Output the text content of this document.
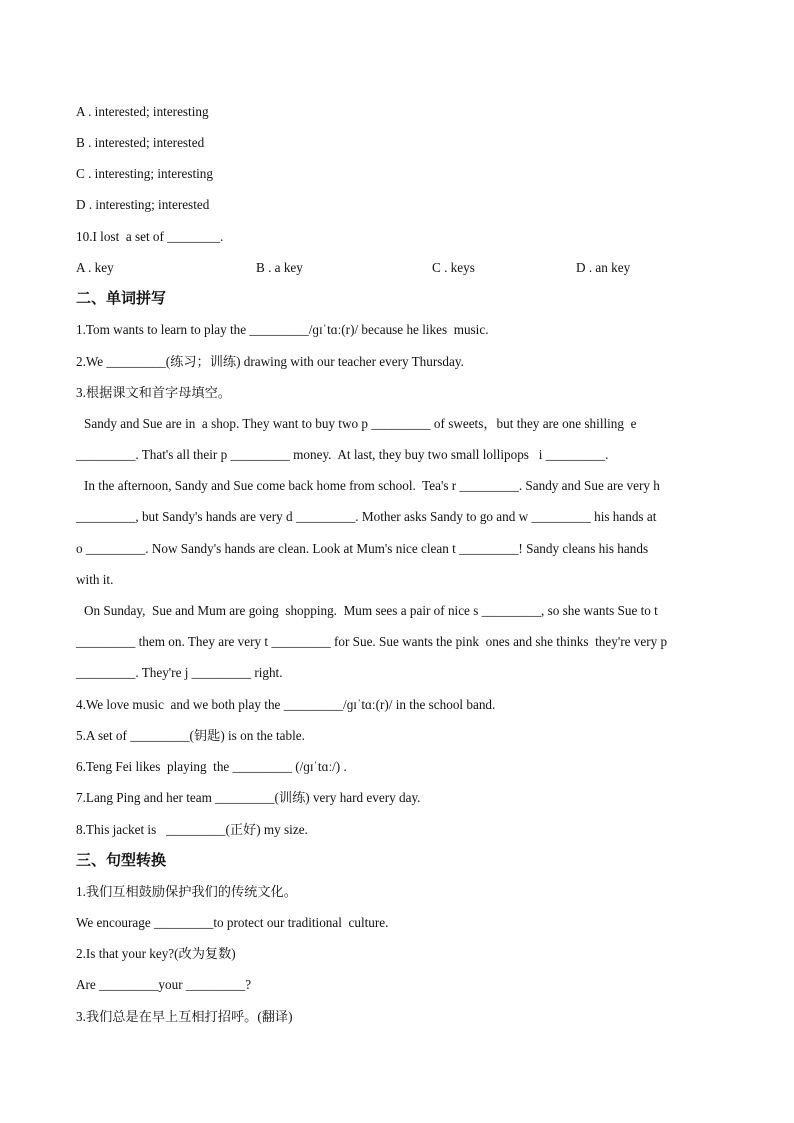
A . interested; interesting
B . interested; interested
C . interesting; interesting
D . interesting; interested
10.I lost  a set of ________.
A . key	B . a key	C . keys	D . an key
二、单词拼写
1.Tom wants to learn to play the _________/ɡɪˈtɑː(r)/ because he likes  music.
2.We _________(练习；训练) drawing with our teacher every Thursday.
3.根据课文和首字母填空。
Sandy and Sue are in  a shop. They want to buy two p _________ of sweets，but they are one shilling  e
_________. That's all their p _________ money.  At last, they buy two small lollipops   i _________.
In the afternoon, Sandy and Sue come back home from school.  Tea's r _________. Sandy and Sue are very h
_________, but Sandy's hands are very d _________. Mother asks Sandy to go and w _________ his hands at
o _________. Now Sandy's hands are clean. Look at Mum's nice clean t _________! Sandy cleans his hands
with it.
On Sunday,  Sue and Mum are going  shopping.  Mum sees a pair of nice s _________, so she wants Sue to t
_________ them on. They are very t _________ for Sue. Sue wants the pink  ones and she thinks  they're very p
_________. They're j _________ right.
4.We love music  and we both play the _________/ɡɪˈtɑː(r)/ in the school band.
5.A set of _________(钥匙) is on the table.
6.Teng Fei likes  playing  the _________ (/ɡɪˈtɑː/) .
7.Lang Ping and her team _________(训练) very hard every day.
8.This jacket is   _________(正好) my size.
三、句型转换
1.我们互相鼓励保护我们的传统文化。
We encourage _________to protect our traditional  culture.
2.Is that your key?(改为复数)
Are _________your _________?
3.我们总是在早上互相打招呼。(翻译)
